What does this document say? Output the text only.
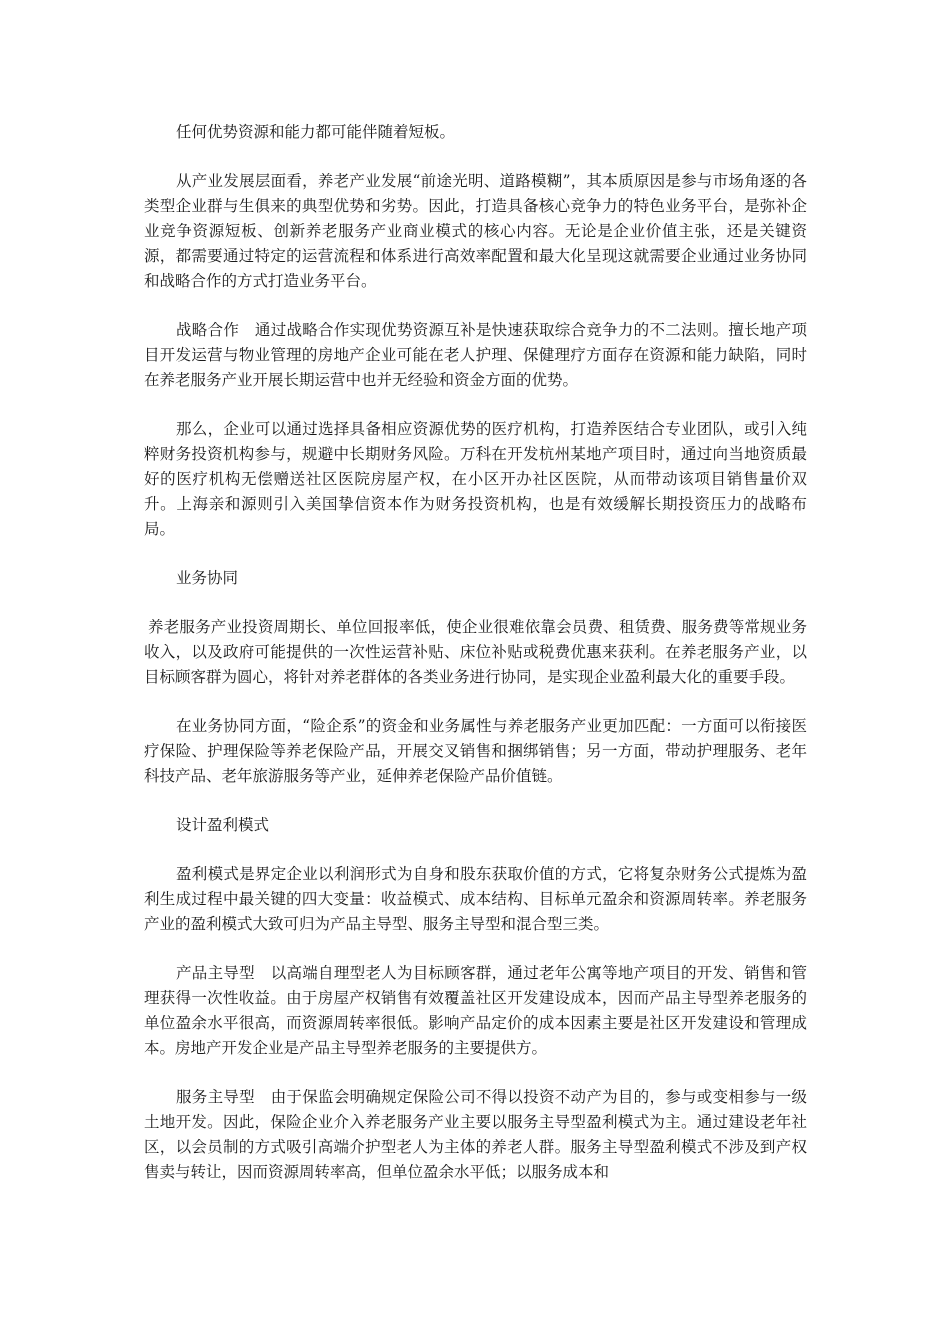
任何优势资源和能力都可能伴随着短板。

从产业发展层面看，养老产业发展“前途光明、道路模糊”，其本质原因是参与市场角逐的各类型企业群与生俱来的典型优势和劣势。因此，打造具备核心竞争力的特色业务平台，是弥补企业竞争资源短板、创新养老服务产业商业模式的核心内容。无论是企业价值主张，还是关键资源，都需要通过特定的运营流程和体系进行高效率配置和最大化呈现这就需要企业通过业务协同和战略合作的方式打造业务平台。

战略合作　通过战略合作实现优势资源互补是快速获取综合竞争力的不二法则。擅长地产项目开发运营与物业管理的房地产企业可能在老人护理、保健理疗方面存在资源和能力缺陷，同时在养老服务产业开展长期运营中也并无经验和资金方面的优势。

那么，企业可以通过选择具备相应资源优势的医疗机构，打造养医结合专业团队，或引入纯粹财务投资机构参与，规避中长期财务风险。万科在开发杭州某地产项目时，通过向当地资质最好的医疗机构无偿赠送社区医院房屋产权，在小区开办社区医院，从而带动该项目销售量价双升。上海亲和源则引入美国挚信资本作为财务投资机构，也是有效缓解长期投资压力的战略布局。

业务协同

养老服务产业投资周期长、单位回报率低，使企业很难依靠会员费、租赁费、服务费等常规业务收入，以及政府可能提供的一次性运营补贴、床位补贴或税费优惠来获利。在养老服务产业，以目标顾客群为圆心，将针对养老群体的各类业务进行协同，是实现企业盈利最大化的重要手段。

在业务协同方面，“险企系”的资金和业务属性与养老服务产业更加匹配：一方面可以衔接医疗保险、护理保险等养老保险产品，开展交叉销售和捆绑销售；另一方面，带动护理服务、老年科技产品、老年旅游服务等产业，延伸养老保险产品价值链。

设计盈利模式

盈利模式是界定企业以利润形式为自身和股东获取价值的方式，它将复杂财务公式提炼为盈利生成过程中最关键的四大变量：收益模式、成本结构、目标单元盈余和资源周转率。养老服务产业的盈利模式大致可归为产品主导型、服务主导型和混合型三类。

产品主导型　以高端自理型老人为目标顾客群，通过老年公寓等地产项目的开发、销售和管理获得一次性收益。由于房屋产权销售有效覆盖社区开发建设成本，因而产品主导型养老服务的单位盈余水平很高，而资源周转率很低。影响产品定价的成本因素主要是社区开发建设和管理成本。房地产开发企业是产品主导型养老服务的主要提供方。

服务主导型　由于保监会明确规定保险公司不得以投资不动产为目的，参与或变相参与一级土地开发。因此，保险企业介入养老服务产业主要以服务主导型盈利模式为主。通过建设老年社区，以会员制的方式吸引高端介护型老人为主体的养老人群。服务主导型盈利模式不涉及到产权售卖与转让，因而资源周转率高，但单位盈余水平低；以服务成本和
